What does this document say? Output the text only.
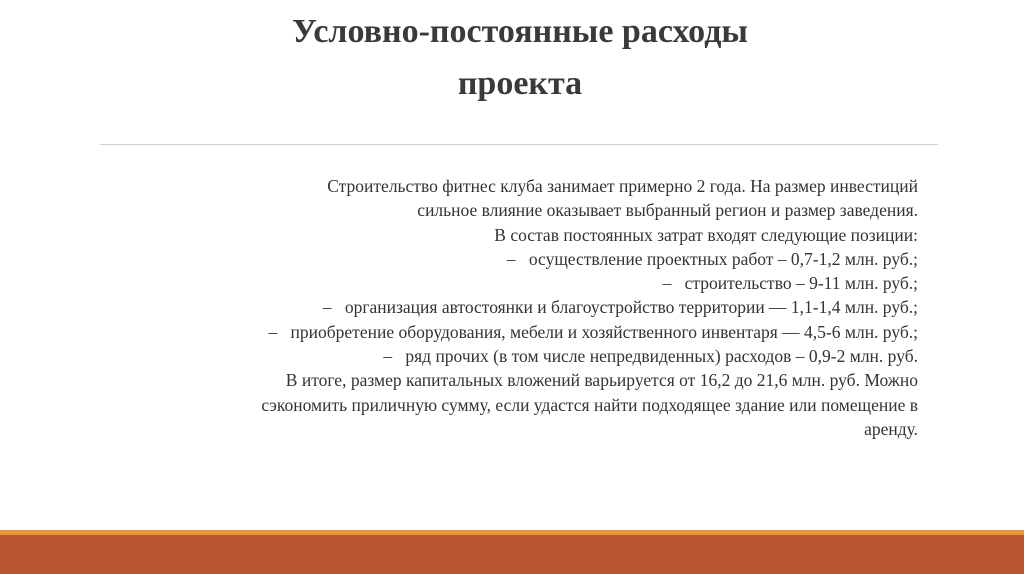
Условно-постоянные расходы
проекта
Строительство фитнес клуба занимает примерно 2 года. На размер инвестиций
сильное влияние оказывает выбранный регион и размер заведения.
В состав постоянных затрат входят следующие позиции:
– осуществление проектных работ – 0,7-1,2 млн. руб.;
– строительство – 9-11 млн. руб.;
– организация автостоянки и благоустройство территории — 1,1-1,4 млн. руб.;
– приобретение оборудования, мебели и хозяйственного инвентаря — 4,5-6 млн. руб.;
– ряд прочих (в том числе непредвиденных) расходов – 0,9-2 млн. руб.
В итоге, размер капитальных вложений варьируется от 16,2 до 21,6 млн. руб. Можно
сэкономить приличную сумму, если удастся найти подходящее здание или помещение в
аренду.
